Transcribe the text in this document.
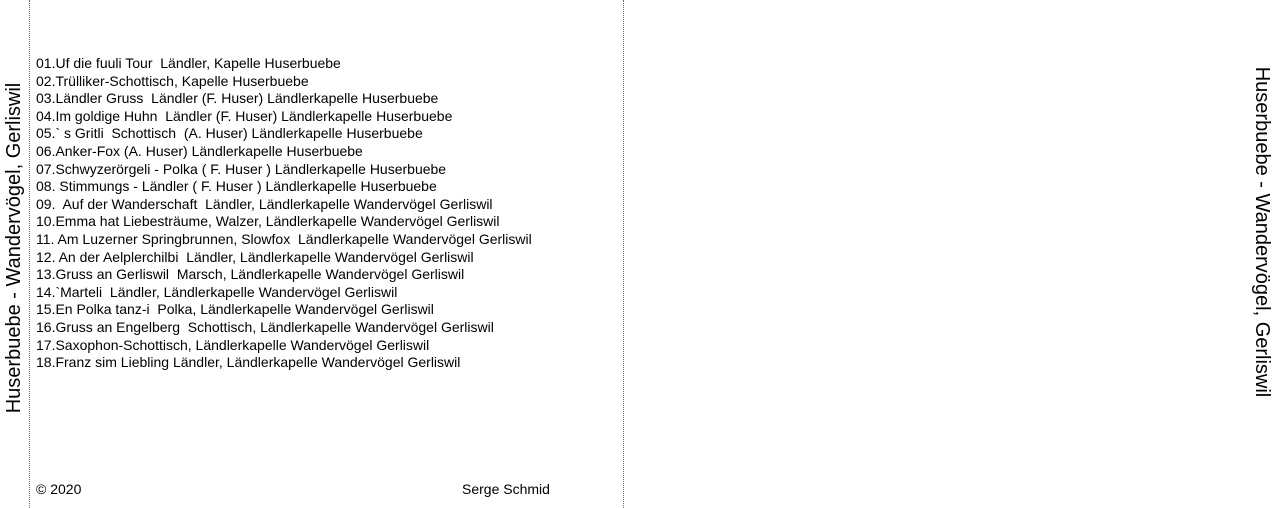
Huserbuebe - Wandervögel, Gerliswil
01.Uf die fuuli Tour  Ländler, Kapelle Huserbuebe
02.Trülliker-Schottisch, Kapelle Huserbuebe
03.Ländler Gruss  Ländler (F. Huser) Ländlerkapelle Huserbuebe
04.Im goldige Huhn  Ländler (F. Huser) Ländlerkapelle Huserbuebe
05.` s Gritli  Schottisch  (A. Huser) Ländlerkapelle Huserbuebe
06.Anker-Fox (A. Huser) Ländlerkapelle Huserbuebe
07.Schwyzerörgeli - Polka ( F. Huser ) Ländlerkapelle Huserbuebe
08. Stimmungs - Ländler ( F. Huser ) Ländlerkapelle Huserbuebe
09.  Auf der Wanderschaft  Ländler, Ländlerkapelle Wandervögel Gerliswil
10.Emma hat Liebesträume, Walzer, Ländlerkapelle Wandervögel Gerliswil
11. Am Luzerner Springbrunnen, Slowfox  Ländlerkapelle Wandervögel Gerliswil
12. An der Aelplerchilbi  Ländler, Ländlerkapelle Wandervögel Gerliswil
13.Gruss an Gerliswil  Marsch, Ländlerkapelle Wandervögel Gerliswil
14.`Marteli  Ländler, Ländlerkapelle Wandervögel Gerliswil
15.En Polka tanz-i  Polka, Ländlerkapelle Wandervögel Gerliswil
16.Gruss an Engelberg  Schottisch, Ländlerkapelle Wandervögel Gerliswil
17.Saxophon-Schottisch, Ländlerkapelle Wandervögel Gerliswil
18.Franz sim Liebling Ländler, Ländlerkapelle Wandervögel Gerliswil
© 2020	Serge Schmid
Huserbuebe - Wandervögel, Gerliswil
